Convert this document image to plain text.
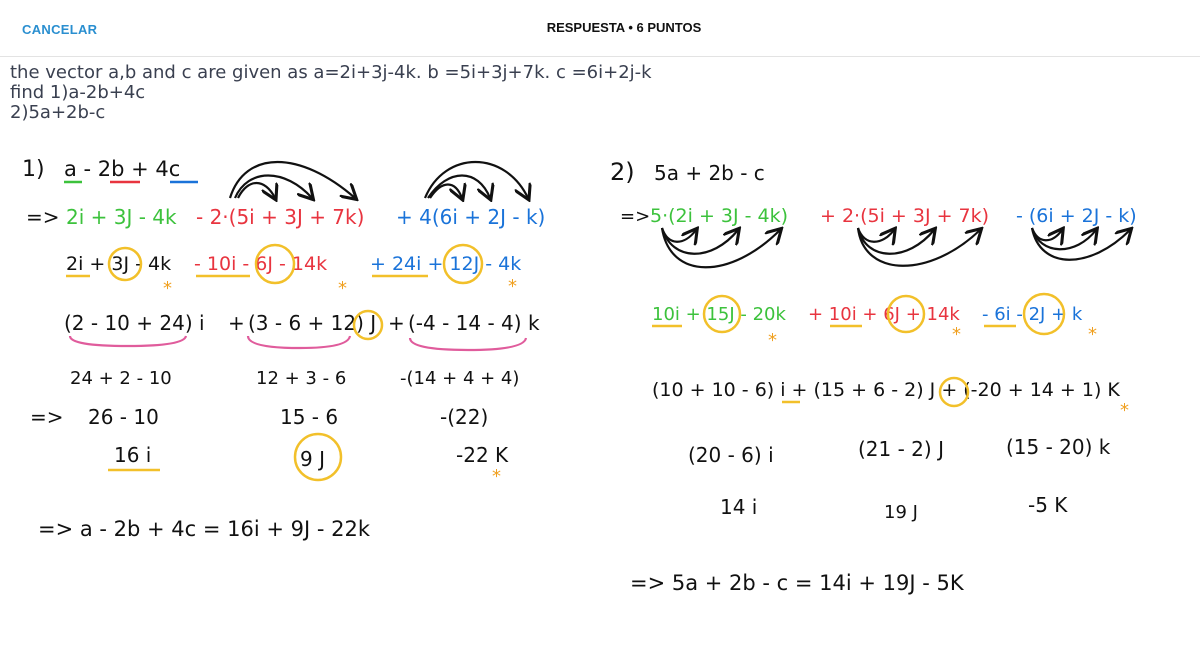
CANCELAR	RESPUESTA • 6 PUNTOS
the vector a,b and c are given as a=2i+3j-4k. b =5i+3j+7k. c =6i+2j-k
find 1)a-2b+4c
2)5a+2b-c
1) a - 2b + 4c
=> 2i + 3J - 4k - 2·(5i + 3J + 7k) + 4(6i + 2J - k)
2i + 3J - 4k - 10i - 6J - 14k + 24i + 12J - 4k
*	*	*
(2 - 10 + 24) i + (3 - 6 + 12) J + (-4 - 14 - 4) k
24 + 2 - 10	12 + 3 - 6	-(14 + 4 + 4)
=> 26 - 10	15 - 6	-(22)
16 i	9 J	-22 K
*
=> a - 2b + 4c = 16i + 9J - 22k
2) 5a + 2b - c
=> 5·(2i + 3J - 4k) + 2·(5i + 3J + 7k) - (6i + 2J - k)
10i + 15J - 20k + 10i + 6J + 14k - 6i - 2J + k
*	*	*
(10 + 10 - 6) i + (15 + 6 - 2) J + (-20 + 14 + 1) K
*
(20 - 6) i	(21 - 2) J	(15 - 20) k
14 i	19 J	-5 K
=> 5a + 2b - c = 14i + 19J - 5K
